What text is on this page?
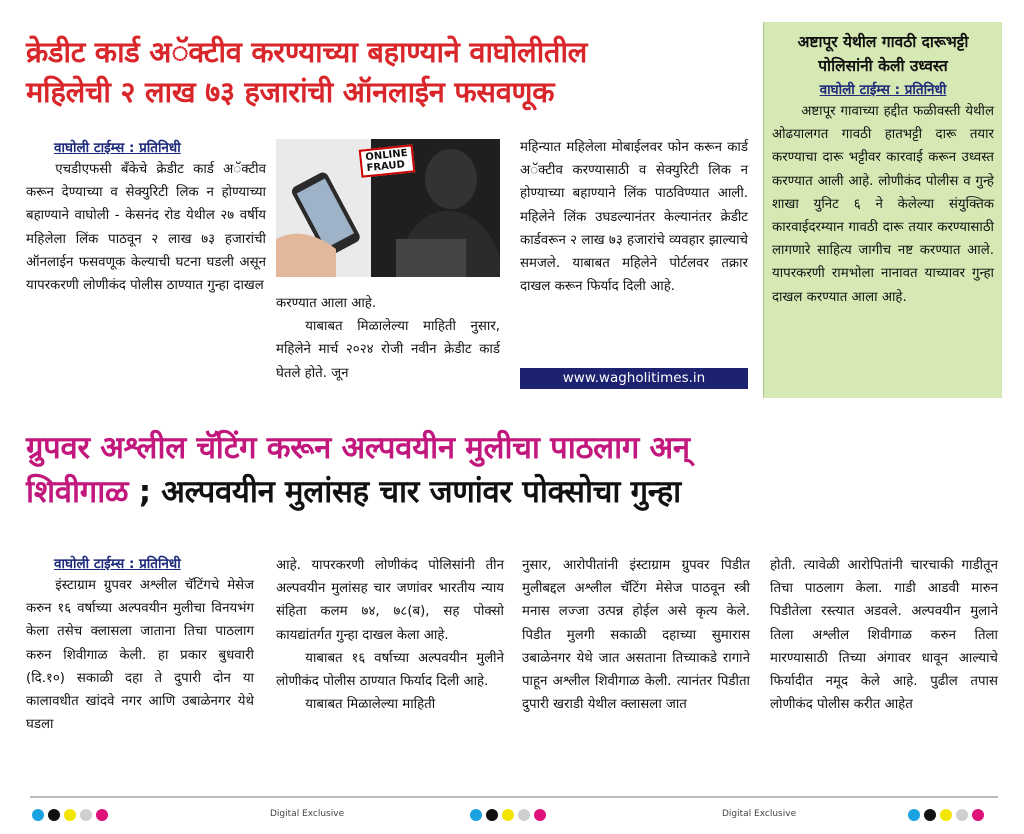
क्रेडीट कार्ड अॅक्टीव करण्याच्या बहाण्याने वाघोलीतील
महिलेची २ लाख ७३ हजारांची ऑनलाईन फसवणूक
वाघोली टाईम्स : प्रतिनिधी
एचडीएफसी बँकेचे क्रेडीट कार्ड अॅक्टीव करून देण्याच्या व सेक्युरिटी लिक न होण्याच्या बहाण्याने वाघोली - केसनंद रोड येथील २७ वर्षीय महिलेला लिंक पाठवून २ लाख ७३ हजारांची ऑनलाईन फसवणूक केल्याची घटना घडली असून यापरकरणी लोणीकंद पोलीस ठाण्यात गुन्हा दाखल
ONLINE
FRAUD
करण्यात आला आहे.
याबाबत मिळालेल्या माहिती नुसार, महिलेने मार्च २०२४ रोजी नवीन क्रेडीट कार्ड घेतले होते. जून
महिन्यात महिलेला मोबाईलवर फोन करून कार्ड अॅक्टीव करण्यासाठी व सेक्युरिटी लिक न होण्याच्या बहाण्याने लिंक पाठविण्यात आली. महिलेने लिंक उघडल्यानंतर केल्यानंतर क्रेडीट कार्डवरून २ लाख ७३ हजारांचे व्यवहार झाल्याचे समजले. याबाबत महिलेने पोर्टलवर तक्रार दाखल करून फिर्याद दिली आहे.
www.wagholitimes.in
अष्टापूर येथील गावठी दारूभट्टी
पोलिसांनी केली उध्वस्त
वाघोली टाईम्स : प्रतिनिधी
अष्टापूर गावाच्या हद्दीत फळीवस्ती येथील ओढयालगत गावठी हातभट्टी दारू तयार करण्याचा दारू भट्टीवर कारवाई करून उध्वस्त करण्यात आली आहे. लोणीकंद पोलीस व गुन्हे शाखा युनिट ६ ने केलेल्या संयुक्तिक कारवाईदरम्यान गावठी दारू तयार करण्यासाठी लागणारे साहित्य जागीच नष्ट करण्यात आले. यापरकरणी रामभोला नानावत याच्यावर गुन्हा दाखल करण्यात आला आहे.
ग्रुपवर अश्लील चॅटिंग करून अल्पवयीन मुलीचा पाठलाग अन्
शिवीगाळ ; अल्पवयीन मुलांसह चार जणांवर पोक्सोचा गुन्हा
वाघोली टाईम्स : प्रतिनिधी
इंस्टाग्राम ग्रुपवर अश्लील चॅटिंगचे मेसेज करुन १६ वर्षाच्या अल्पवयीन मुलीचा विनयभंग केला तसेच क्लासला जाताना तिचा पाठलाग करुन शिवीगाळ केली. हा प्रकार बुधवारी (दि.१०) सकाळी दहा ते दुपारी दोन या कालावधीत खांदवे नगर आणि उबाळेनगर येथे घडला
आहे. यापरकरणी लोणीकंद पोलिसांनी तीन अल्पवयीन मुलांसह चार जणांवर भारतीय न्याय संहिता कलम ७४, ७८(ब), सह पोक्सो कायद्यांतर्गत गुन्हा दाखल केला आहे.
याबाबत १६ वर्षाच्या अल्पवयीन मुलीने लोणीकंद पोलीस ठाण्यात फिर्याद दिली आहे.
याबाबत मिळालेल्या माहिती
नुसार, आरोपीतांनी इंस्टाग्राम ग्रुपवर पिडीत मुलीबद्दल अश्लील चॅटिंग मेसेज पाठवून स्त्री मनास लज्जा उत्पन्न होईल असे कृत्य केले. पिडीत मुलगी सकाळी दहाच्या सुमारास उबाळेनगर येथे जात असताना तिच्याकडे रागाने पाहून अश्लील शिवीगाळ केली. त्यानंतर पिडीता दुपारी खराडी येथील क्लासला जात
होती. त्यावेळी आरोपितांनी चारचाकी गाडीतून तिचा पाठलाग केला. गाडी आडवी मारुन पिडीतेला रस्त्यात अडवले. अल्पवयीन मुलाने तिला अश्लील शिवीगाळ करुन तिला मारण्यासाठी तिच्या अंगावर धावून आल्याचे फिर्यादीत नमूद केले आहे. पुढील तपास लोणीकंद पोलीस करीत आहेत
Digital Exclusive	Digital Exclusive
